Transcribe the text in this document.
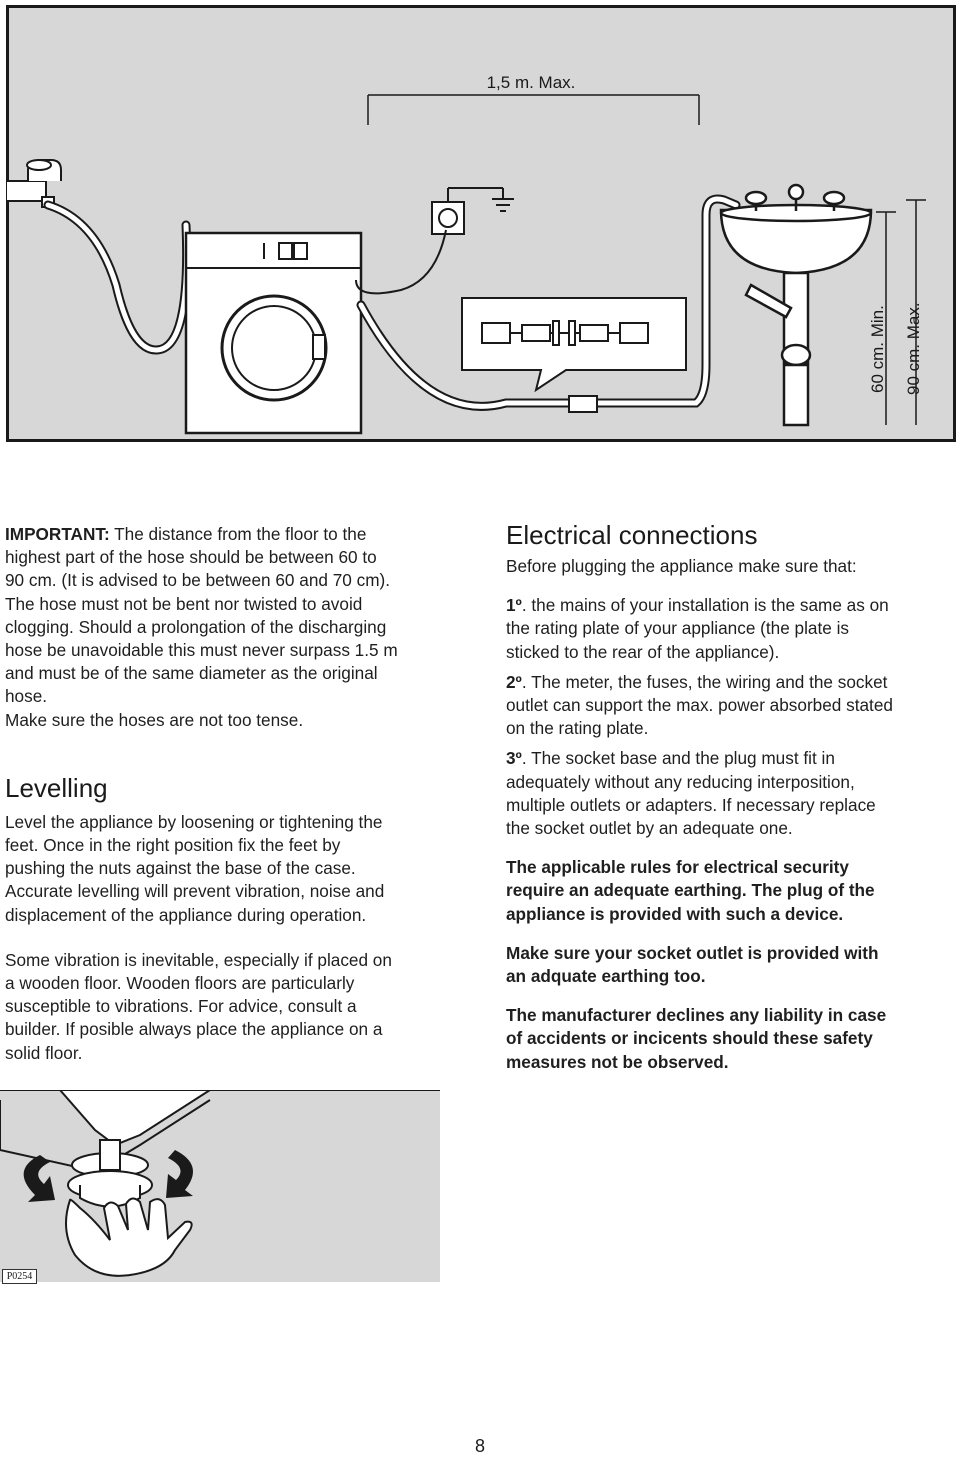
1,5 m. Max.
60 cm. Min. 90 cm. Max.

IMPORTANT: The distance from the floor to the
highest part of the hose should be between 60 to
90 cm. (It is advised to be between 60 and 70 cm).
The hose must not be bent nor twisted to avoid
clogging. Should a prolongation of the discharging
hose be unavoidable this must never surpass 1.5 m
and must be of the same diameter as the original
hose.
Make sure the hoses are not too tense.

Levelling

Level the appliance by loosening or tightening the
feet. Once in the right position fix the feet by
pushing the nuts against the base of the case.
Accurate levelling will prevent vibration, noise and
displacement of the appliance during operation.

Some vibration is inevitable, especially if placed on
a wooden floor. Wooden floors are particularly
susceptible to vibrations. For advice, consult a
builder. If posible always place the appliance on a
solid floor.

Electrical connections

Before plugging the appliance make sure that:

1º. the mains of your installation is the same as on
the rating plate of your appliance (the plate is
sticked to the rear of the appliance).

2º. The meter, the fuses, the wiring and the socket
outlet can support the max. power absorbed stated
on the rating plate.

3º. The socket base and the plug must fit in
adequately without any reducing interposition,
multiple outlets or adapters. If necessary replace
the socket outlet by an adequate one.

The applicable rules for electrical security
require an adequate earthing. The plug of the
appliance is provided with such a device.

Make sure your socket outlet is provided with
an adquate earthing too.

The manufacturer declines any liability in case
of accidents or incicents should these safety
measures not be observed.

P0254
8
